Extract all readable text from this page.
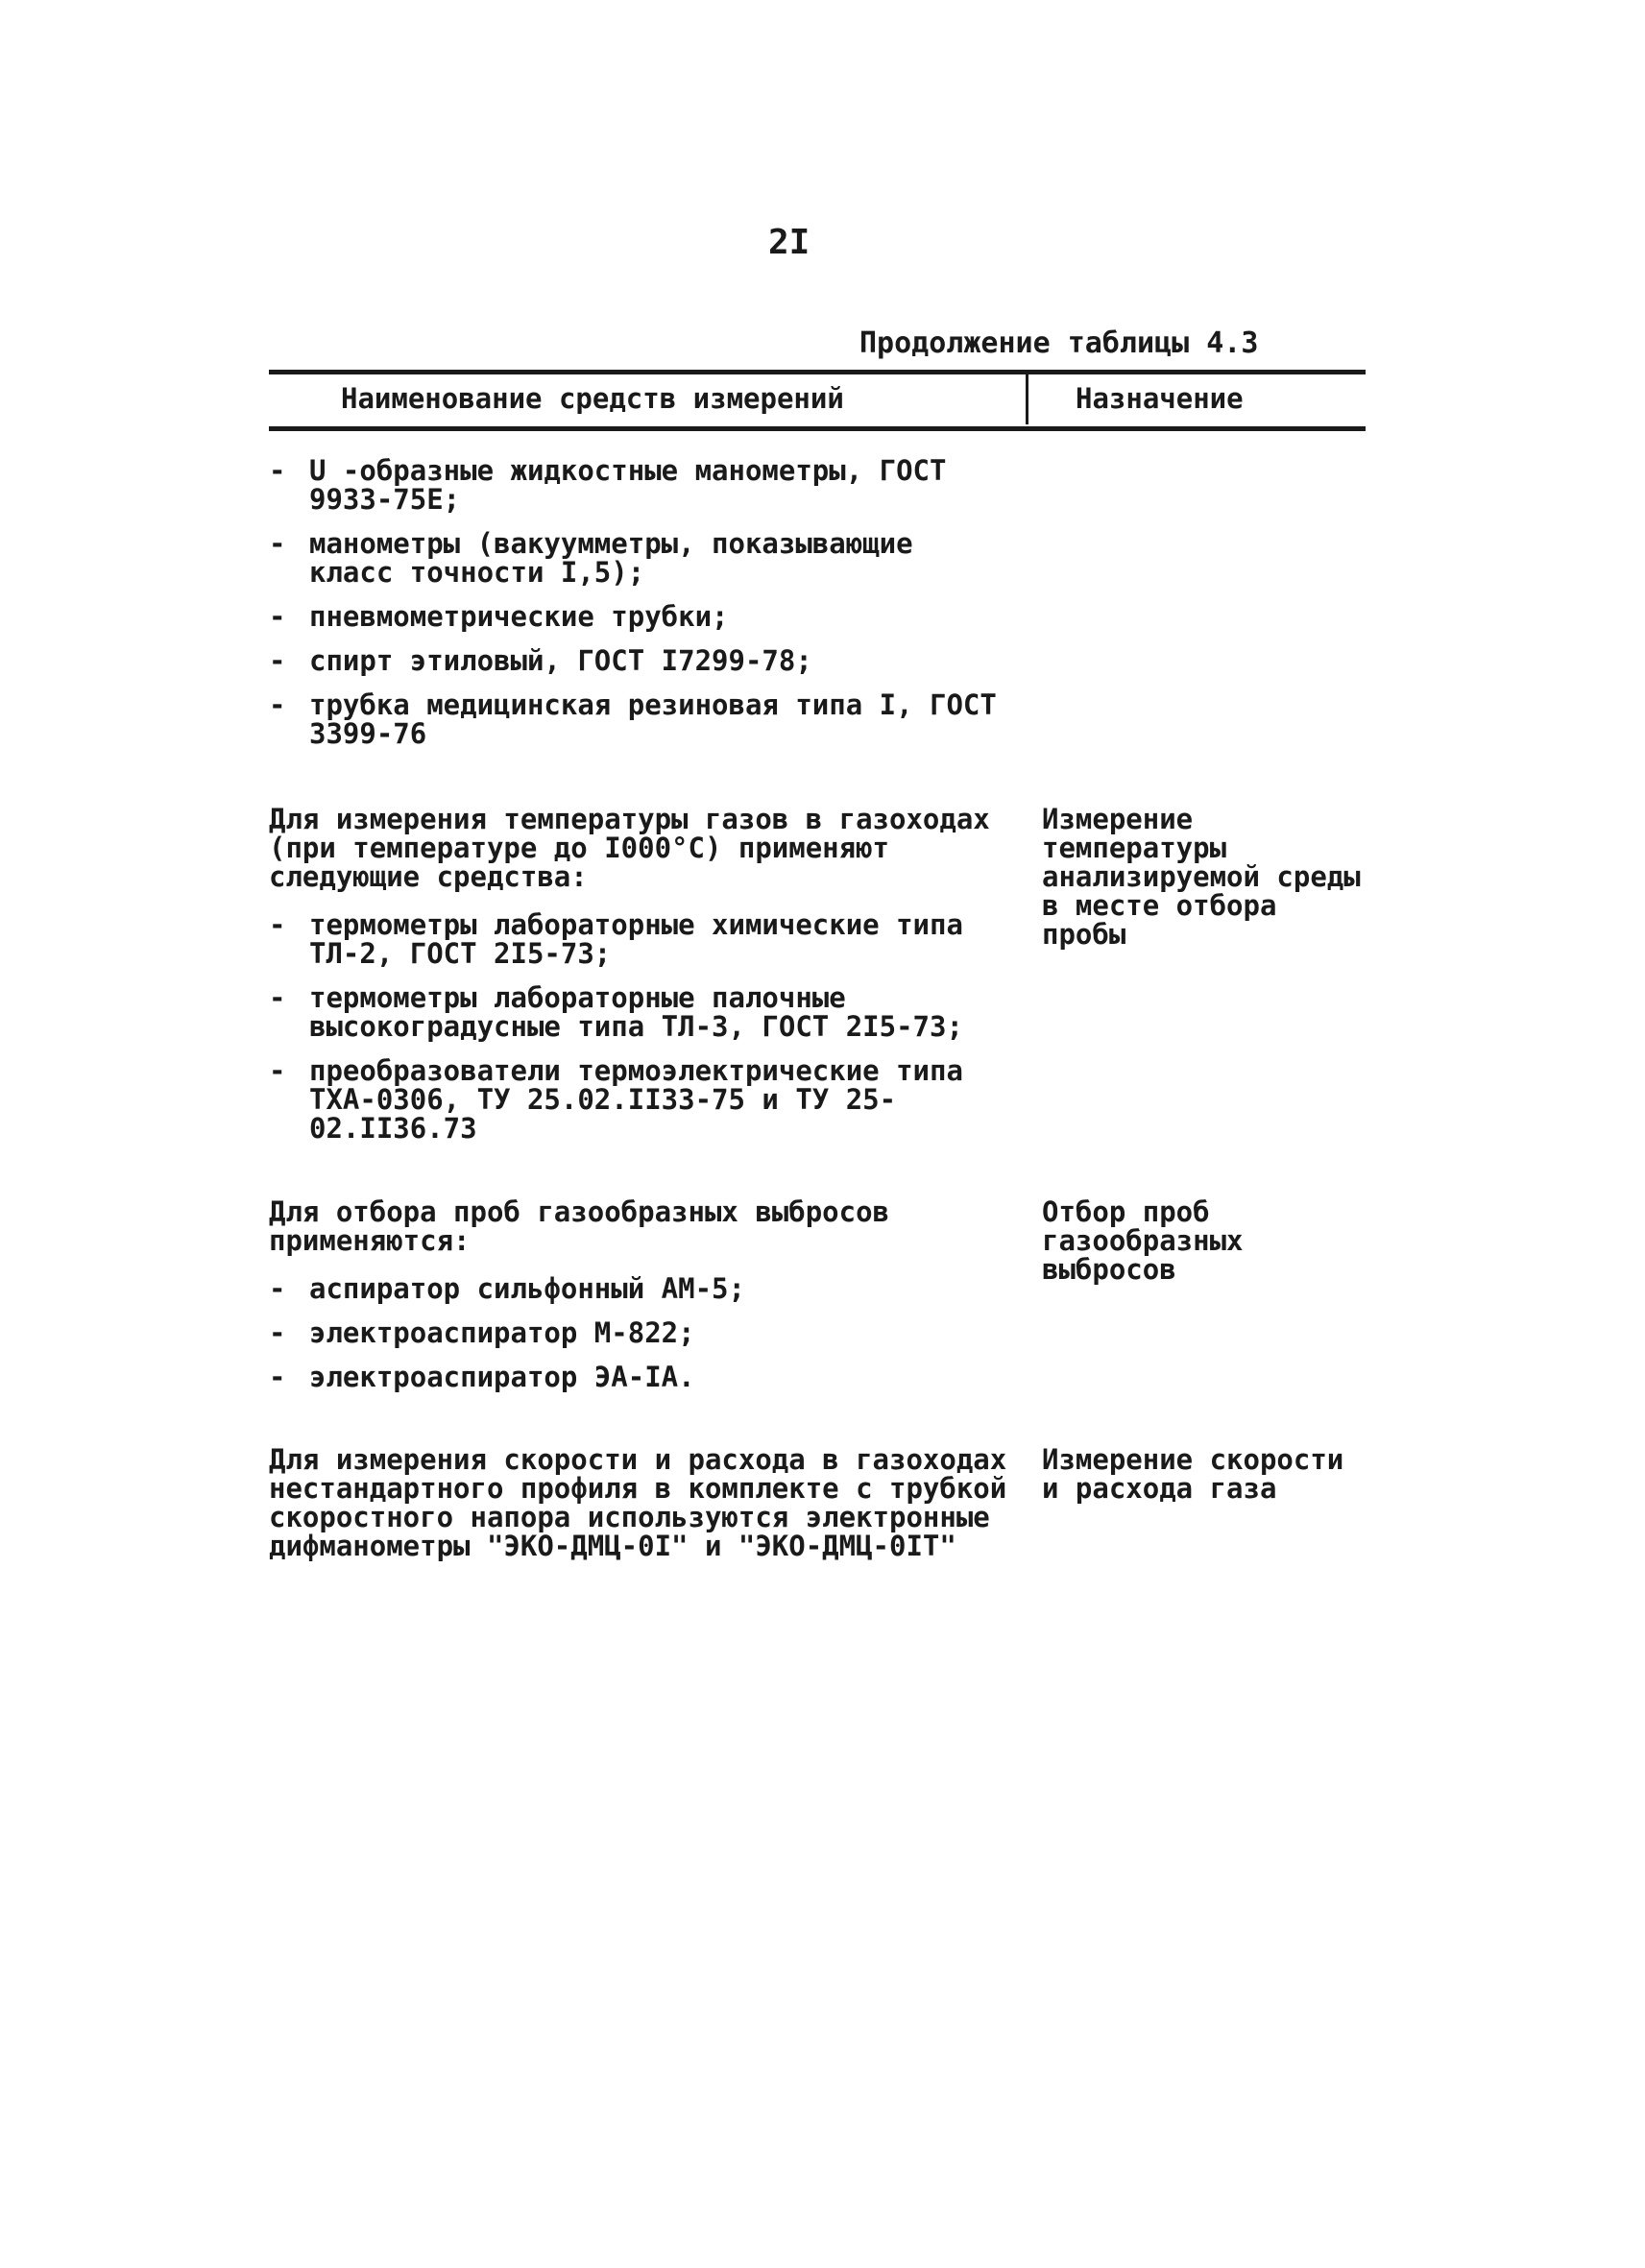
2I
Продолжение таблицы 4.3
Наименование средств измерений	Назначение
- U -образные жидкостные манометры, ГОСТ 9933-75Е;
- манометры (вакуумметры, показывающие класс точности I,5);
- пневмометрические трубки;
- спирт этиловый, ГОСТ I7299-78;
- трубка медицинская резиновая типа I, ГОСТ 3399-76
Для измерения температуры газов в газоходах (при температуре до I000°С) применяют следующие средства:
- термометры лабораторные химические типа ТЛ-2, ГОСТ 2I5-73;
- термометры лабораторные палочные высокоградусные типа ТЛ-3, ГОСТ 2I5-73;
- преобразователи термоэлектрические типа ТХА-0306, ТУ 25.02.II33-75 и ТУ 25-02.II36.73
Измерение температуры анализируемой среды в месте отбора пробы
Для отбора проб газообразных выбросов применяются:
- аспиратор сильфонный АМ-5;
- электроаспиратор М-822;
- электроаспиратор ЭА-IА.
Отбор проб газообразных выбросов
Для измерения скорости и расхода в газоходах нестандартного профиля в комплекте с трубкой скоростного напора используются электронные дифманометры "ЭКО-ДМЦ-0I" и "ЭКО-ДМЦ-0IТ"
Измерение скорости и расхода газа
